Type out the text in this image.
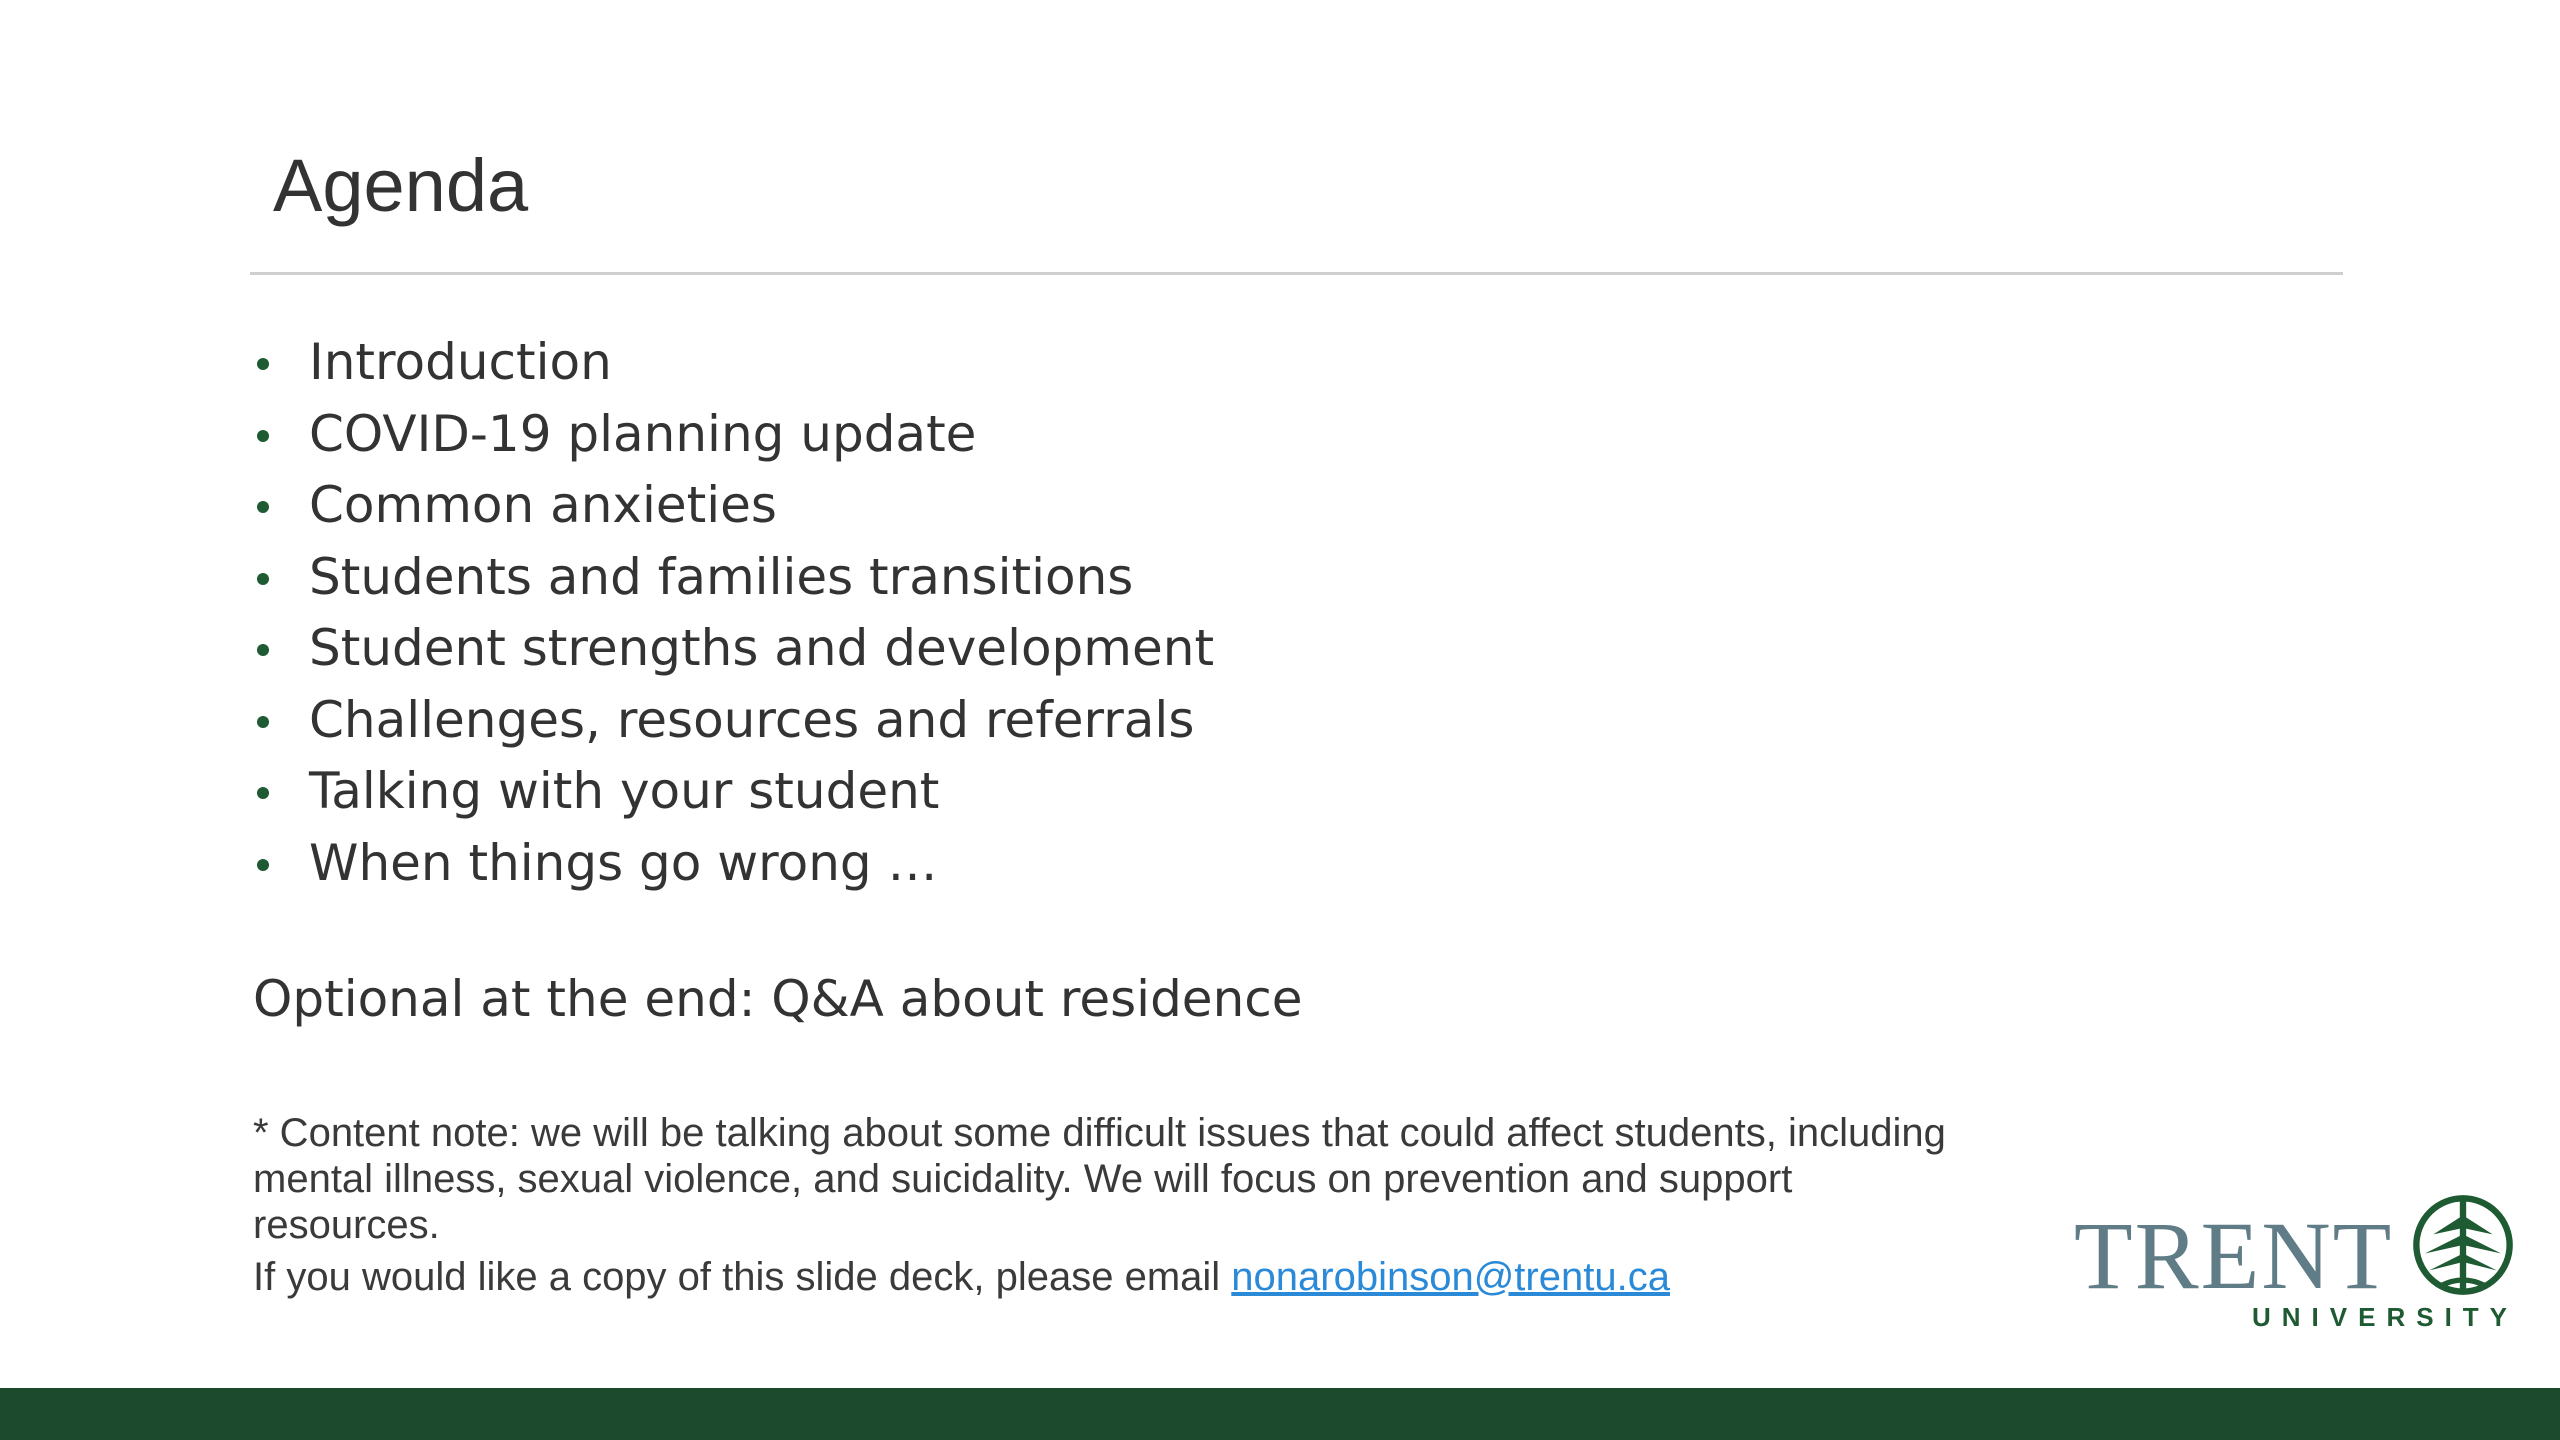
Agenda
Introduction
COVID-19 planning update
Common anxieties
Students and families transitions
Student strengths and development
Challenges, resources and referrals
Talking with your student
When things go wrong …
Optional at the end: Q&A about residence
* Content note: we will be talking about some difficult issues that could affect students, including mental illness, sexual violence, and suicidality. We will focus on prevention and support resources.
If you would like a copy of this slide deck, please email nonarobinson@trentu.ca	TRENT
UNIVERSITY
